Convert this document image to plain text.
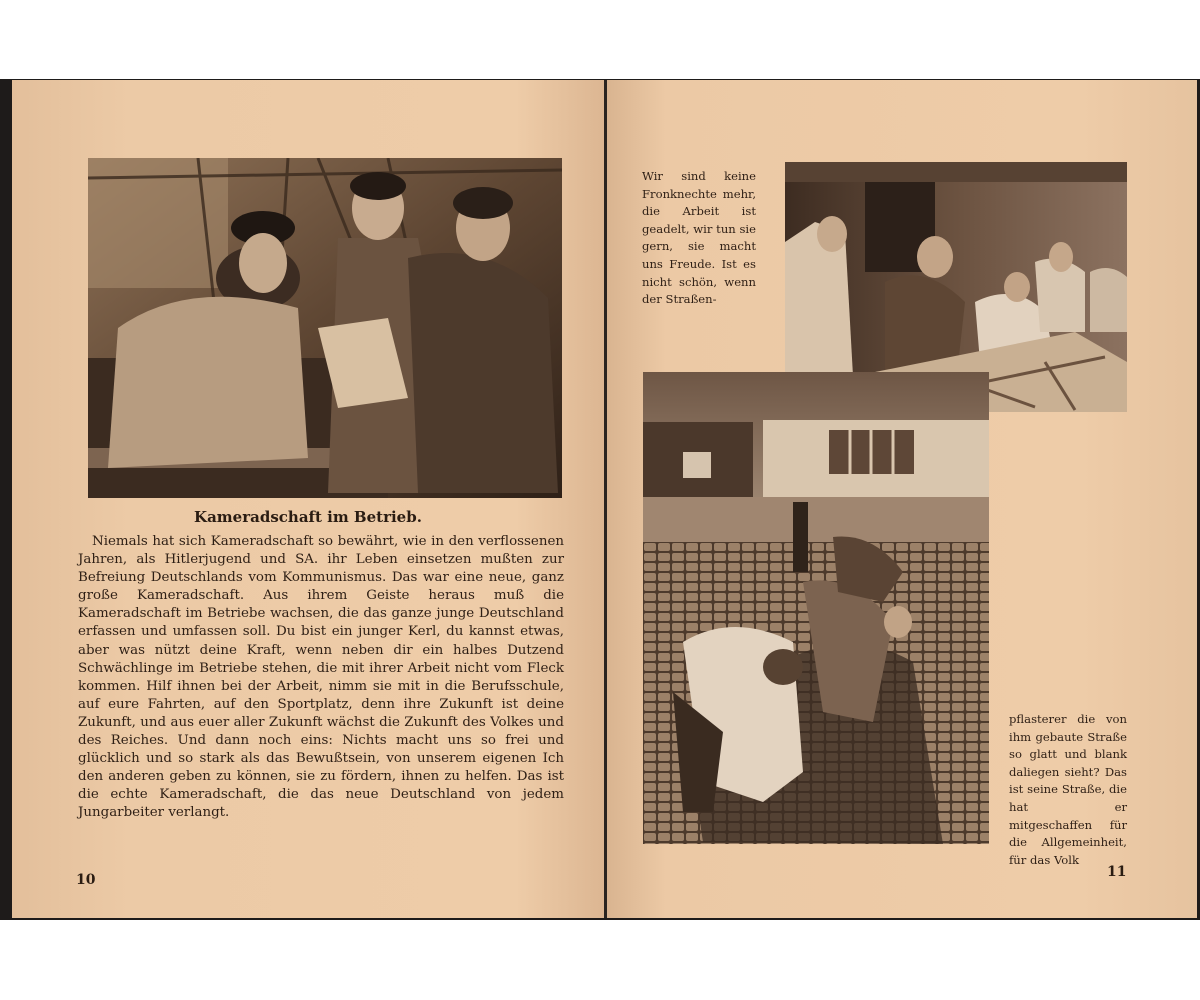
Kameradschaft im Betrieb.

Niemals hat sich Kameradschaft so bewährt, wie in den verflossenen Jahren, als Hitlerjugend und SA. ihr Leben einsetzen mußten zur Befreiung Deutschlands vom Kommunismus. Das war eine neue, ganz große Kameradschaft. Aus ihrem Geiste heraus muß die Kameradschaft im Betriebe wachsen, die das ganze junge Deutschland erfassen und umfassen soll. Du bist ein junger Kerl, du kannst etwas, aber was nützt deine Kraft, wenn neben dir ein halbes Dutzend Schwächlinge im Betriebe stehen, die mit ihrer Arbeit nicht vom Fleck kommen. Hilf ihnen bei der Arbeit, nimm sie mit in die Berufsschule, auf eure Fahrten, auf den Sportplatz, denn ihre Zukunft ist deine Zukunft, und aus euer aller Zukunft wächst die Zukunft des Volkes und des Reiches. Und dann noch eins: Nichts macht uns so frei und glücklich und so stark als das Bewußtsein, von unserem eigenen Ich den anderen geben zu können, sie zu fördern, ihnen zu helfen. Das ist die echte Kameradschaft, die das neue Deutschland von jedem Jungarbeiter verlangt.

10

Wir sind keine Fronknechte mehr, die Arbeit ist geadelt, wir tun sie gern, sie macht uns Freude. Ist es nicht schön, wenn der Straßen-

pflasterer die von ihm gebaute Straße so glatt und blank daliegen sieht? Das ist seine Straße, die hat er mitgeschaffen für die Allgemeinheit, für das Volk

11
